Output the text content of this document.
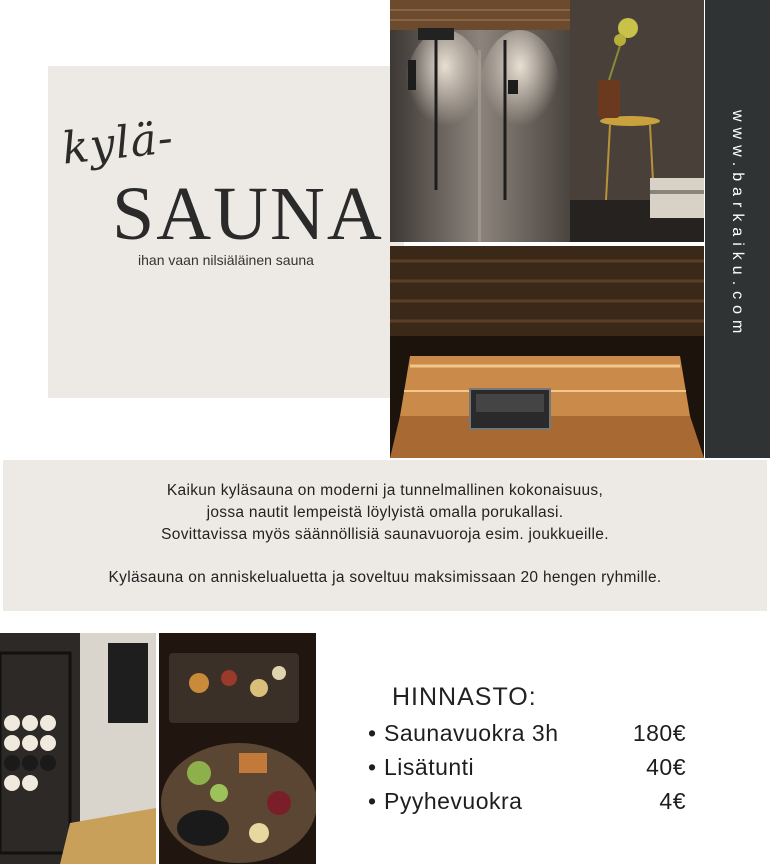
kylä-
SAUNA
ihan vaan nilsiäläinen sauna	www.barkaiku.com
Kaikun kyläsauna on moderni ja tunnelmallinen kokonaisuus,
jossa nautit lempeistä löylyistä omalla porukallasi.
Sovittavissa myös säännöllisiä saunavuoroja esim. joukkueille.
Kyläsauna on anniskelualuetta ja soveltuu maksimissaan 20 hengen ryhmille.
HINNASTO:
• Saunavuokra 3h	180€
• Lisätunti	40€
• Pyyhevuokra	4€
